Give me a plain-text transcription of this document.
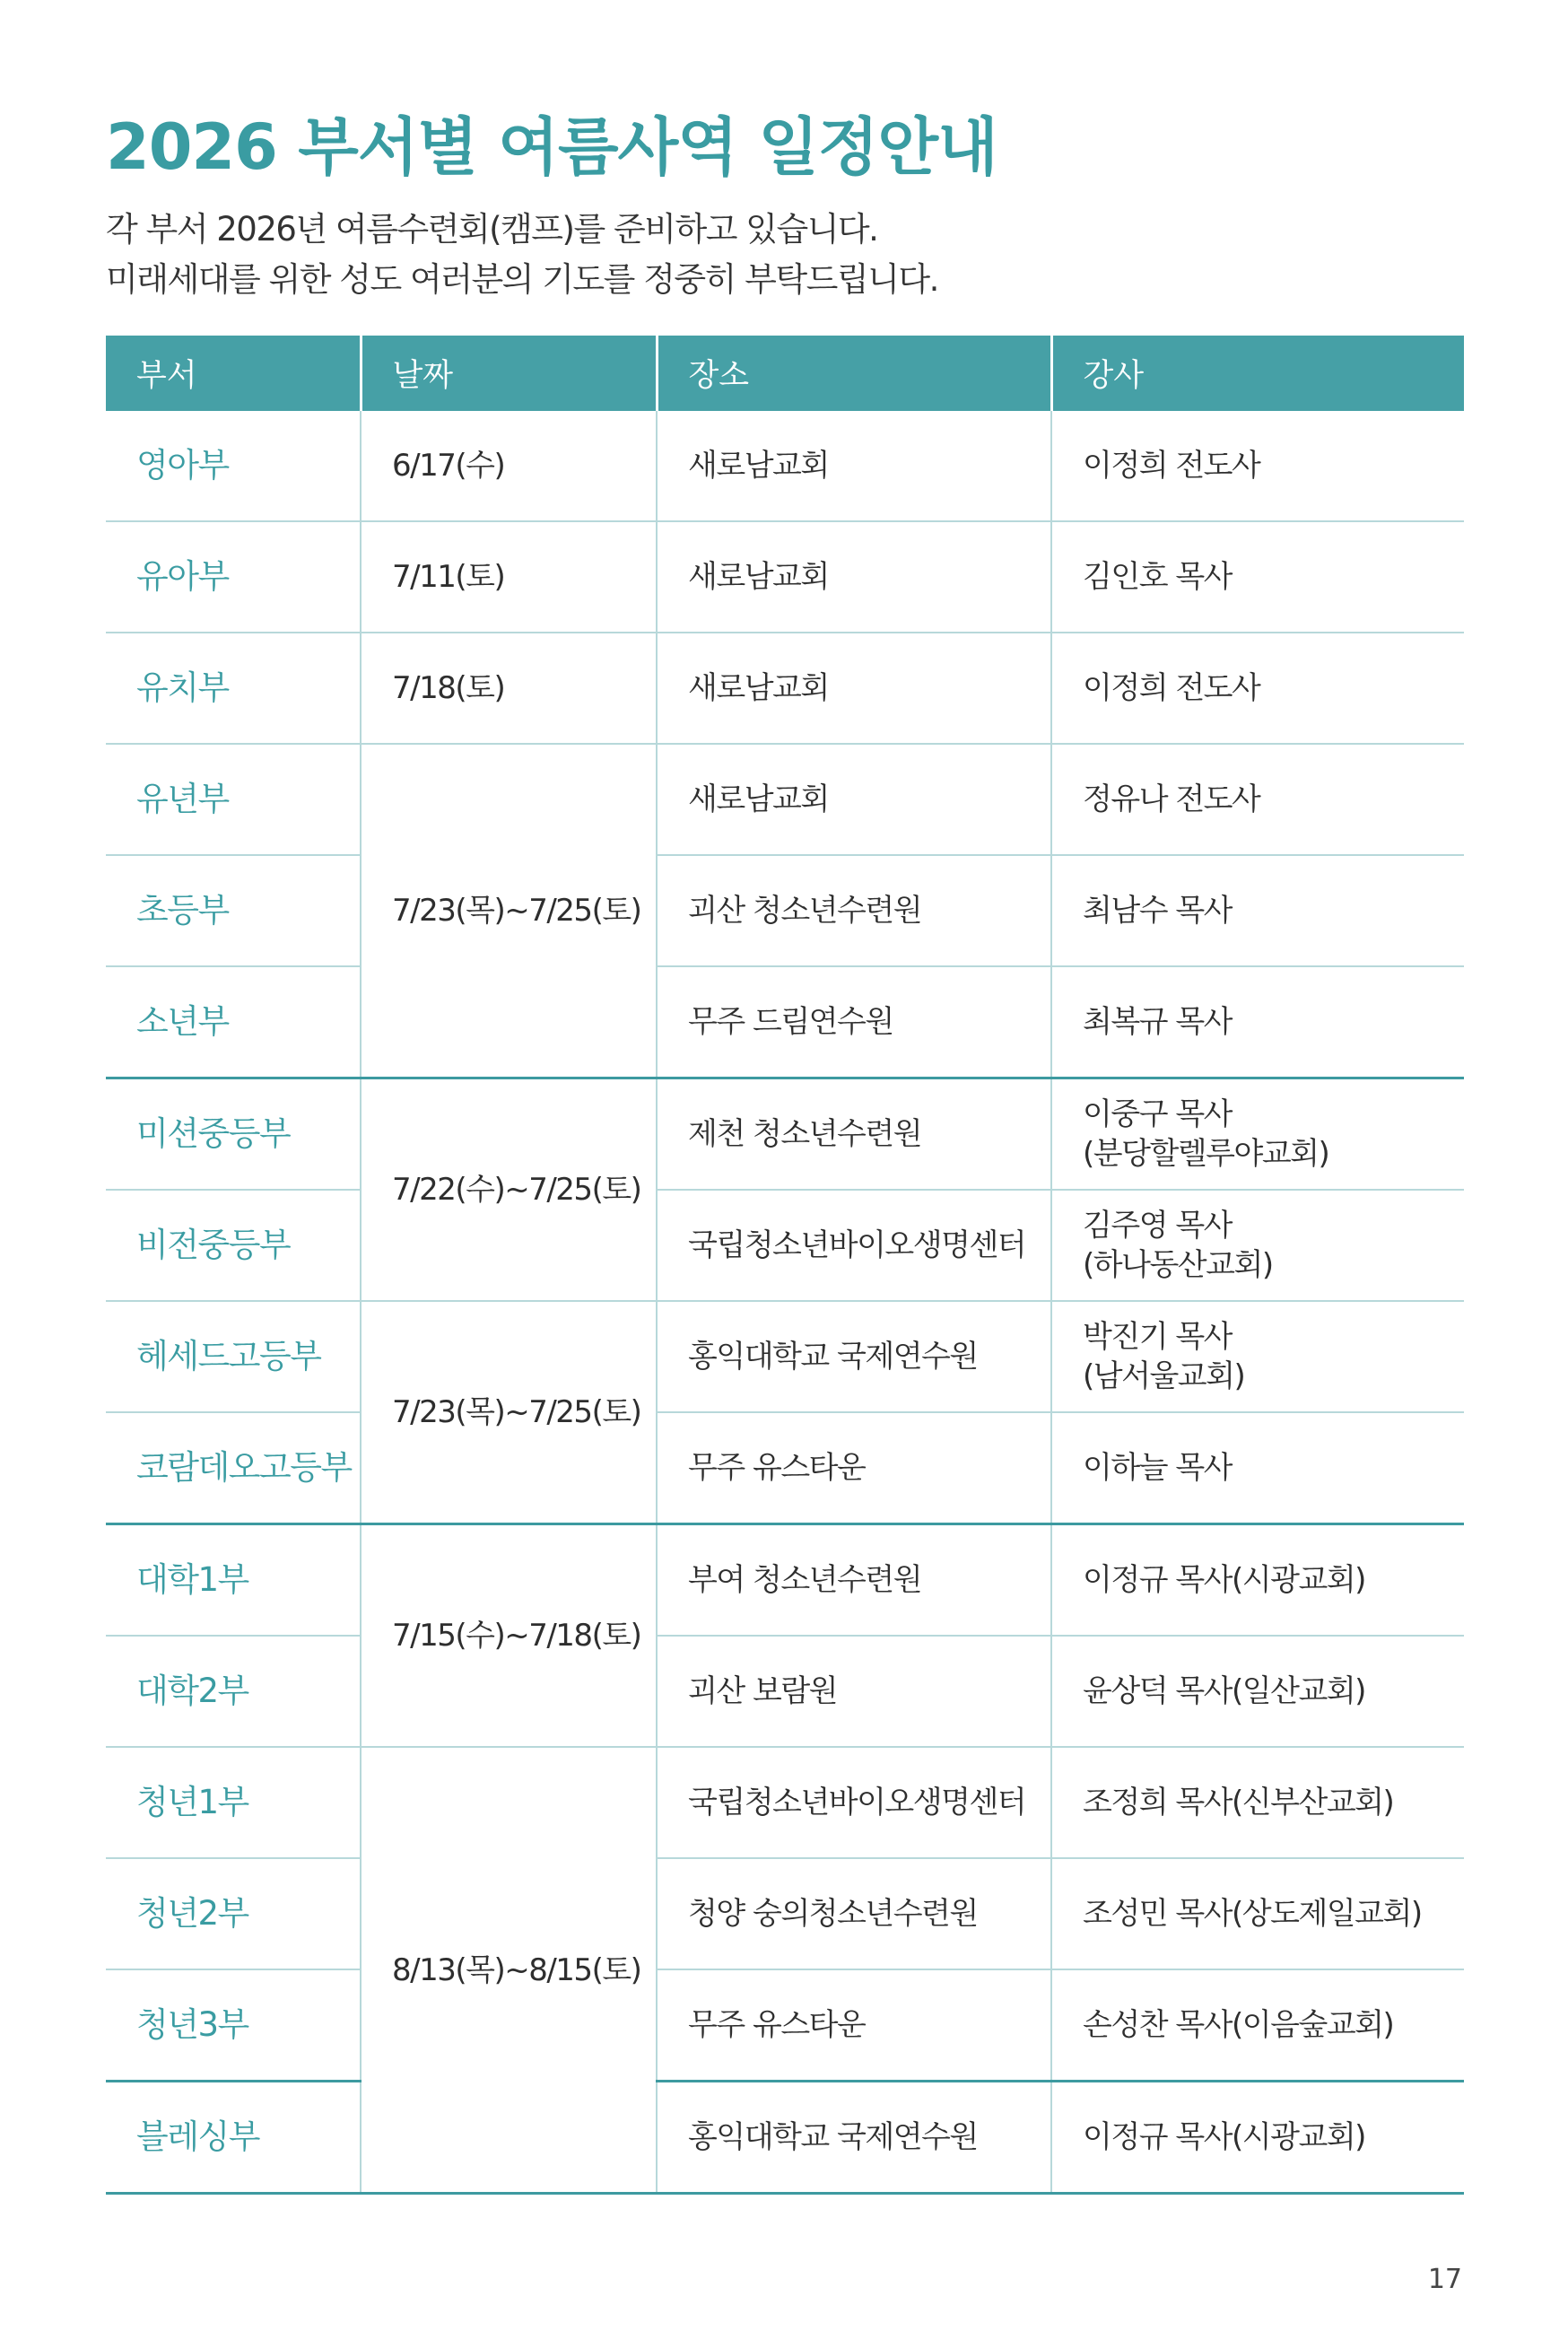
2026 부서별 여름사역 일정안내
각 부서 2026년 여름수련회(캠프)를 준비하고 있습니다.
미래세대를 위한 성도 여러분의 기도를 정중히 부탁드립니다.
부서	날짜	장소	강사
영아부	6/17(수)	새로남교회	이정희 전도사

유아부	7/11(토)	새로남교회	김인호 목사

유치부	7/18(토)	새로남교회	이정희 전도사

유년부	7/23(목)~7/25(토)	새로남교회	정유나 전도사

초등부		괴산 청소년수련원	최남수 목사

소년부		무주 드림연수원	최복규 목사

미션중등부	7/22(수)~7/25(토)	제천 청소년수련원	이중구 목사
(분당할렐루야교회)

비전중등부		국립청소년바이오생명센터	김주영 목사
(하나동산교회)

헤세드고등부	7/23(목)~7/25(토)	홍익대학교 국제연수원	박진기 목사
(남서울교회)

코람데오고등부		무주 유스타운	이하늘 목사

대학1부	7/15(수)~7/18(토)	부여 청소년수련원	이정규 목사(시광교회)

대학2부		괴산 보람원	윤상덕 목사(일산교회)

청년1부	8/13(목)~8/15(토)	국립청소년바이오생명센터	조정희 목사(신부산교회)

청년2부		청양 숭의청소년수련원	조성민 목사(상도제일교회)

청년3부		무주 유스타운	손성찬 목사(이음숲교회)

블레싱부		홍익대학교 국제연수원	이정규 목사(시광교회)
17
